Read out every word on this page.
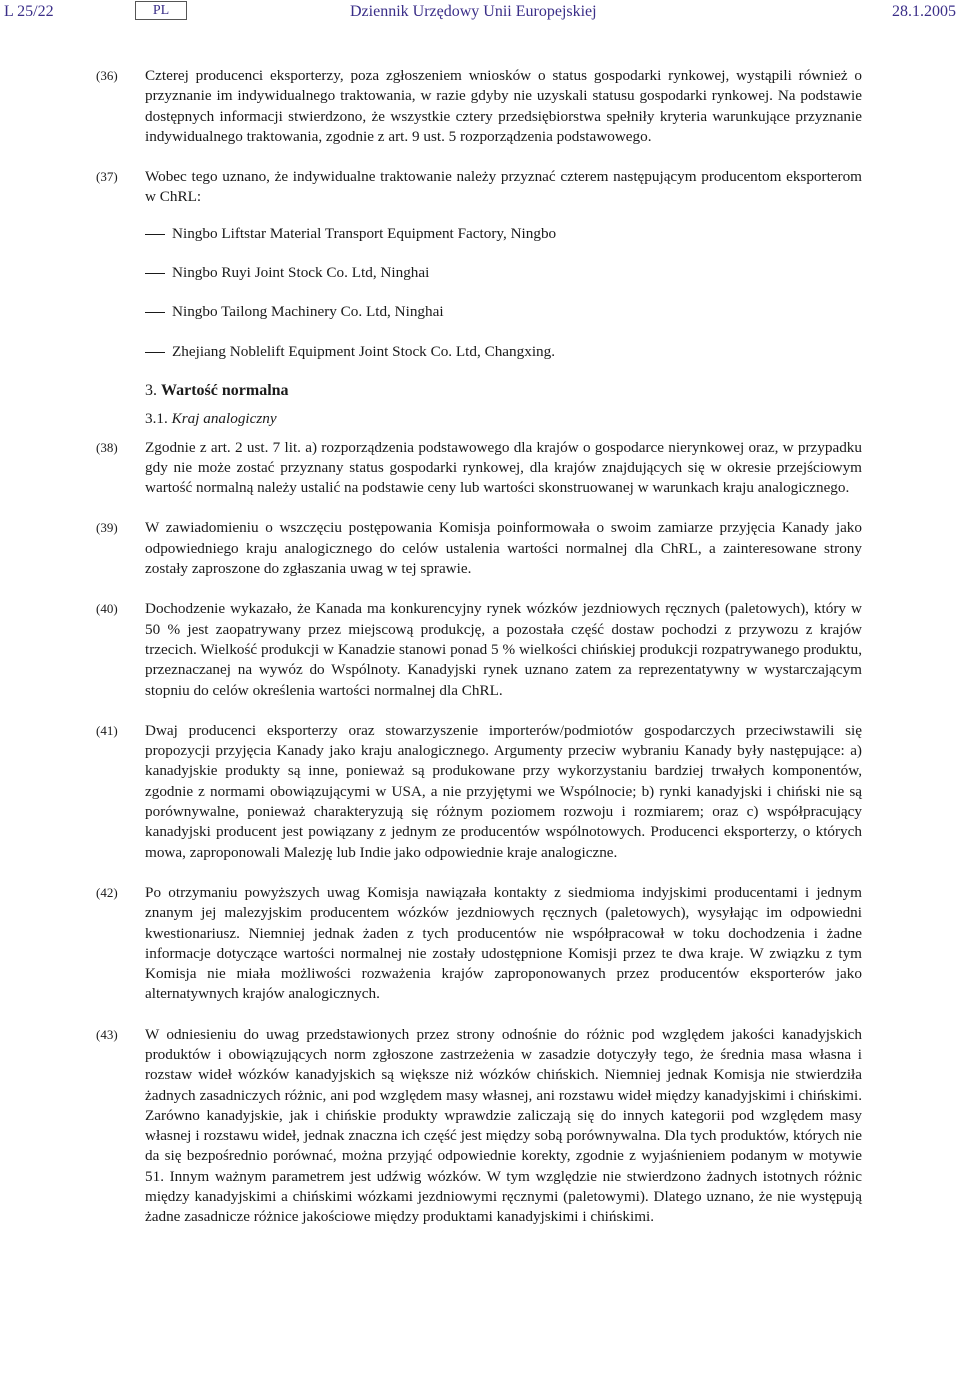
L 25/22	PL	Dziennik Urzędowy Unii Europejskiej	28.1.2005
(36) Czterej producenci eksporterzy, poza zgłoszeniem wniosków o status gospodarki rynkowej, wystąpili również o przyznanie im indywidualnego traktowania, w razie gdyby nie uzyskali statusu gospodarki rynkowej. Na podstawie dostępnych informacji stwierdzono, że wszystkie cztery przedsiębiorstwa spełniły kryteria warunkujące przyznanie indywidualnego traktowania, zgodnie z art. 9 ust. 5 rozporządzenia podstawowego.
(37) Wobec tego uznano, że indywidualne traktowanie należy przyznać czterem następującym producentom eksporterom w ChRL:
Ningbo Liftstar Material Transport Equipment Factory, Ningbo
Ningbo Ruyi Joint Stock Co. Ltd, Ninghai
Ningbo Tailong Machinery Co. Ltd, Ninghai
Zhejiang Noblelift Equipment Joint Stock Co. Ltd, Changxing.
3. Wartość normalna
3.1. Kraj analogiczny
(38) Zgodnie z art. 2 ust. 7 lit. a) rozporządzenia podstawowego dla krajów o gospodarce nierynkowej oraz, w przypadku gdy nie może zostać przyznany status gospodarki rynkowej, dla krajów znajdujących się w okresie przejściowym wartość normalną należy ustalić na podstawie ceny lub wartości skonstruowanej w warunkach kraju analogicznego.
(39) W zawiadomieniu o wszczęciu postępowania Komisja poinformowała o swoim zamiarze przyjęcia Kanady jako odpowiedniego kraju analogicznego do celów ustalenia wartości normalnej dla ChRL, a zainteresowane strony zostały zaproszone do zgłaszania uwag w tej sprawie.
(40) Dochodzenie wykazało, że Kanada ma konkurencyjny rynek wózków jezdniowych ręcznych (paletowych), który w 50 % jest zaopatrywany przez miejscową produkcję, a pozostała część dostaw pochodzi z przywozu z krajów trzecich. Wielkość produkcji w Kanadzie stanowi ponad 5 % wielkości chińskiej produkcji rozpatrywanego produktu, przeznaczanej na wywóz do Wspólnoty. Kanadyjski rynek uznano zatem za reprezentatywny w wystarczającym stopniu do celów określenia wartości normalnej dla ChRL.
(41) Dwaj producenci eksporterzy oraz stowarzyszenie importerów/podmiotów gospodarczych przeciwstawili się propozycji przyjęcia Kanady jako kraju analogicznego. Argumenty przeciw wybraniu Kanady były następujące: a) kanadyjskie produkty są inne, ponieważ są produkowane przy wykorzystaniu bardziej trwałych komponentów, zgodnie z normami obowiązującymi w USA, a nie przyjętymi we Wspólnocie; b) rynki kanadyjski i chiński nie są porównywalne, ponieważ charakteryzują się różnym poziomem rozwoju i rozmiarem; oraz c) współpracujący kanadyjski producent jest powiązany z jednym ze producentów wspólnotowych. Producenci eksporterzy, o których mowa, zaproponowali Malezję lub Indie jako odpowiednie kraje analogiczne.
(42) Po otrzymaniu powyższych uwag Komisja nawiązała kontakty z siedmioma indyjskimi producentami i jednym znanym jej malezyjskim producentem wózków jezdniowych ręcznych (paletowych), wysyłając im odpowiedni kwestionariusz. Niemniej jednak żaden z tych producentów nie współpracował w toku dochodzenia i żadne informacje dotyczące wartości normalnej nie zostały udostępnione Komisji przez te dwa kraje. W związku z tym Komisja nie miała możliwości rozważenia krajów zaproponowanych przez producentów eksporterów jako alternatywnych krajów analogicznych.
(43) W odniesieniu do uwag przedstawionych przez strony odnośnie do różnic pod względem jakości kanadyjskich produktów i obowiązujących norm zgłoszone zastrzeżenia w zasadzie dotyczyły tego, że średnia masa własna i rozstaw wideł wózków kanadyjskich są większe niż wózków chińskich. Niemniej jednak Komisja nie stwierdziła żadnych zasadniczych różnic, ani pod względem masy własnej, ani rozstawu wideł między kanadyjskimi i chińskimi. Zarówno kanadyjskie, jak i chińskie produkty wprawdzie zaliczają się do innych kategorii pod względem masy własnej i rozstawu wideł, jednak znaczna ich część jest między sobą porównywalna. Dla tych produktów, których nie da się bezpośrednio porównać, można przyjąć odpowiednie korekty, zgodnie z wyjaśnieniem podanym w motywie 51. Innym ważnym parametrem jest udźwig wózków. W tym względzie nie stwierdzono żadnych istotnych różnic między kanadyjskimi a chińskimi wózkami jezdniowymi ręcznymi (paletowymi). Dlatego uznano, że nie występują żadne zasadnicze różnice jakościowe między produktami kanadyjskimi i chińskimi.
